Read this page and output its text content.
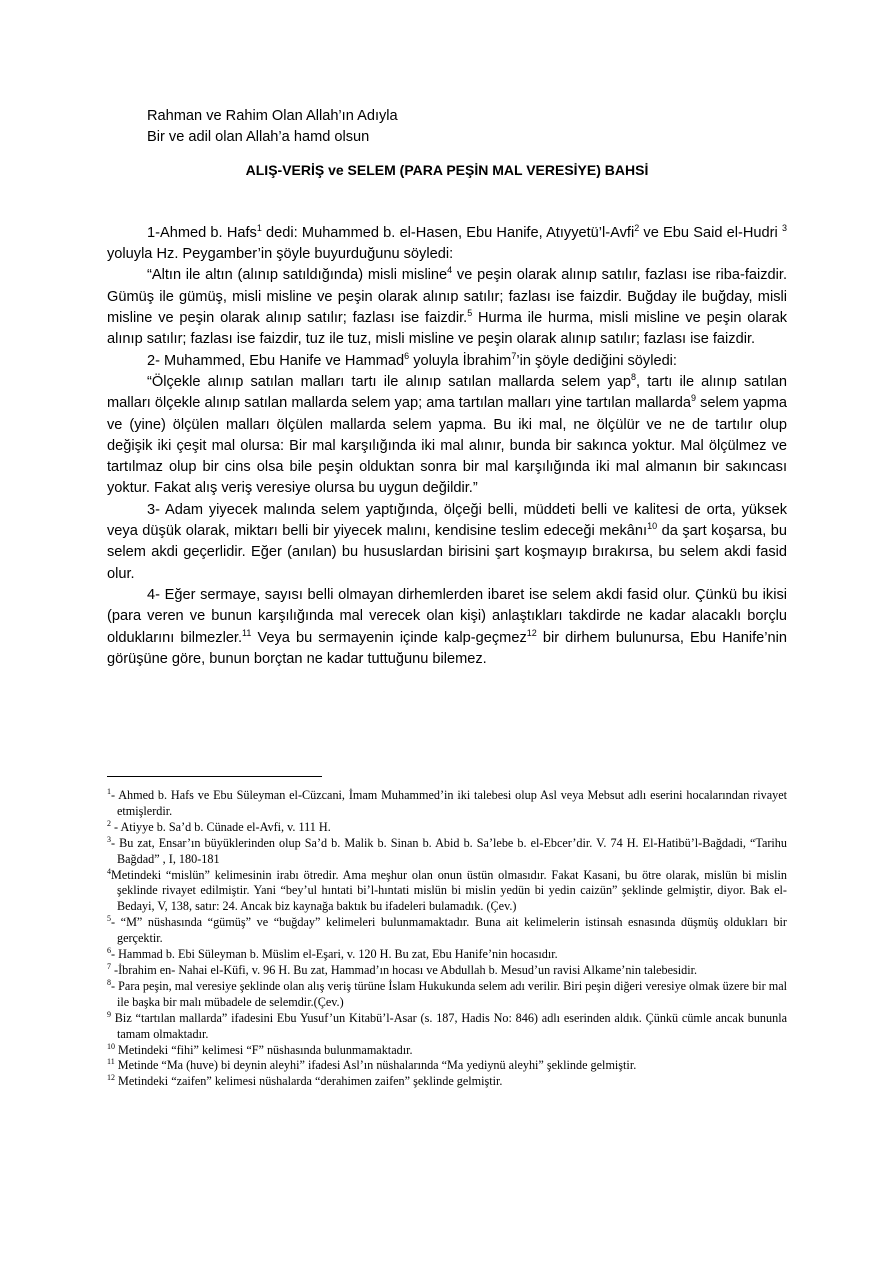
Rahman ve Rahim Olan Allah’ın Adıyla

Bir ve adil olan Allah’a hamd olsun

ALIŞ-VERİŞ ve SELEM (PARA PEŞİN MAL VERESİYE) BAHSİ

1-Ahmed b. Hafs$^1$ dedi: Muhammed b. el-Hasen, Ebu Hanife, Atıyyetü’l-Avfi$^2$ ve Ebu Said el-Hudri $^3$ yoluyla Hz. Peygamber’in şöyle buyurduğunu söyledi:

“Altın ile altın (alınıp satıldığında) misli misline$^4$ ve peşin olarak alınıp satılır, fazlası ise riba-faizdir. Gümüş ile gümüş, misli misline ve peşin olarak alınıp satılır; fazlası ise faizdir. Buğday ile buğday, misli misline ve peşin olarak alınıp satılır; fazlası ise faizdir.$^5$ Hurma ile hurma, misli misline ve peşin olarak alınıp satılır; fazlası ise faizdir, tuz ile tuz, misli misline ve peşin olarak alınıp satılır; fazlası ise faizdir.

2- Muhammed, Ebu Hanife ve Hammad$^6$ yoluyla İbrahim$^7$’in şöyle dediğini söyledi:

“Ölçekle alınıp satılan malları tartı ile alınıp satılan mallarda selem yap$^8$, tartı ile alınıp satılan malları ölçekle alınıp satılan mallarda selem yap; ama tartılan malları yine tartılan mallarda$^9$ selem yapma ve (yine) ölçülen malları ölçülen mallarda selem yapma. Bu iki mal, ne ölçülür ve ne de tartılır olup değişik iki çeşit mal olursa: Bir mal karşılığında iki mal alınır, bunda bir sakınca yoktur. Mal ölçülmez ve tartılmaz olup bir cins olsa bile peşin olduktan sonra bir mal karşılığında iki mal almanın bir sakıncası yoktur. Fakat alış veriş veresiye olursa bu uygun değildir.”

3- Adam yiyecek malında selem yaptığında, ölçeği belli, müddeti belli ve kalitesi de orta, yüksek veya düşük olarak, miktarı belli bir yiyecek malını, kendisine teslim edeceği mekânı$^{10}$ da şart koşarsa, bu selem akdi geçerlidir. Eğer (anılan) bu hususlardan birisini şart koşmayıp bırakırsa, bu selem akdi fasid olur.

4- Eğer sermaye, sayısı belli olmayan dirhemlerden ibaret ise selem akdi fasid olur. Çünkü bu ikisi (para veren ve bunun karşılığında mal verecek olan kişi) anlaştıkları takdirde ne kadar alacaklı borçlu olduklarını bilmezler.$^{11}$ Veya bu sermayenin içinde kalp-geçmez$^{12}$ bir dirhem bulunursa, Ebu Hanife’nin görüşüne göre, bunun borçtan ne kadar tuttuğunu bilemez.

$^1$- Ahmed b. Hafs ve Ebu Süleyman el-Cüzcani, İmam Muhammed’in iki talebesi olup Asl veya Mebsut adlı eserini hocalarından rivayet etmişlerdir.

$^2$ - Atiyye b. Sa’d b. Cünade el-Avfi, v. 111 H.

$^3$- Bu zat, Ensar’ın büyüklerinden olup Sa’d b. Malik b. Sinan b. Abid b. Sa’lebe b. el-Ebcer’dir. V. 74 H. El-Hatibü’l-Bağdadi, “Tarihu Bağdad” , I, 180-181

$^4$Metindeki “mislün” kelimesinin irabı ötredir. Ama meşhur olan onun üstün olmasıdır. Fakat Kasani, bu ötre olarak, mislün bi mislin şeklinde rivayet edilmiştir. Yani “bey’ul hıntati bi’l-hıntati mislün bi mislin yedün bi yedin caizün” şeklinde gelmiştir, diyor. Bak el-Bedayi, V, 138, satır: 24. Ancak biz kaynağa baktık bu ifadeleri bulamadık. (Çev.)

$^5$- “M” nüshasında “gümüş” ve “buğday” kelimeleri bulunmamaktadır. Buna ait kelimelerin istinsah esnasında düşmüş oldukları bir gerçektir.

$^6$- Hammad b. Ebi Süleyman b. Müslim el-Eşari, v. 120 H. Bu zat, Ebu Hanife’nin hocasıdır.

$^7$ -İbrahim en- Nahai el-Küfi, v. 96 H. Bu zat, Hammad’ın hocası ve Abdullah b. Mesud’un ravisi Alkame’nin talebesidir.

$^8$- Para peşin, mal veresiye şeklinde olan alış veriş türüne İslam Hukukunda selem adı verilir. Biri peşin diğeri veresiye olmak üzere bir mal ile başka bir malı mübadele de selemdir.(Çev.)

$^9$ Biz “tartılan mallarda” ifadesini Ebu Yusuf’un Kitabü’l-Asar (s. 187, Hadis No: 846) adlı eserinden aldık. Çünkü cümle ancak bununla tamam olmaktadır.

$^{10}$ Metindeki “fihi” kelimesi “F” nüshasında bulunmamaktadır.

$^{11}$ Metinde “Ma (huve) bi deynin aleyhi” ifadesi Asl’ın nüshalarında “Ma yediynü aleyhi” şeklinde gelmiştir.

$^{12}$ Metindeki “zaifen” kelimesi nüshalarda “derahimen zaifen” şeklinde gelmiştir.
